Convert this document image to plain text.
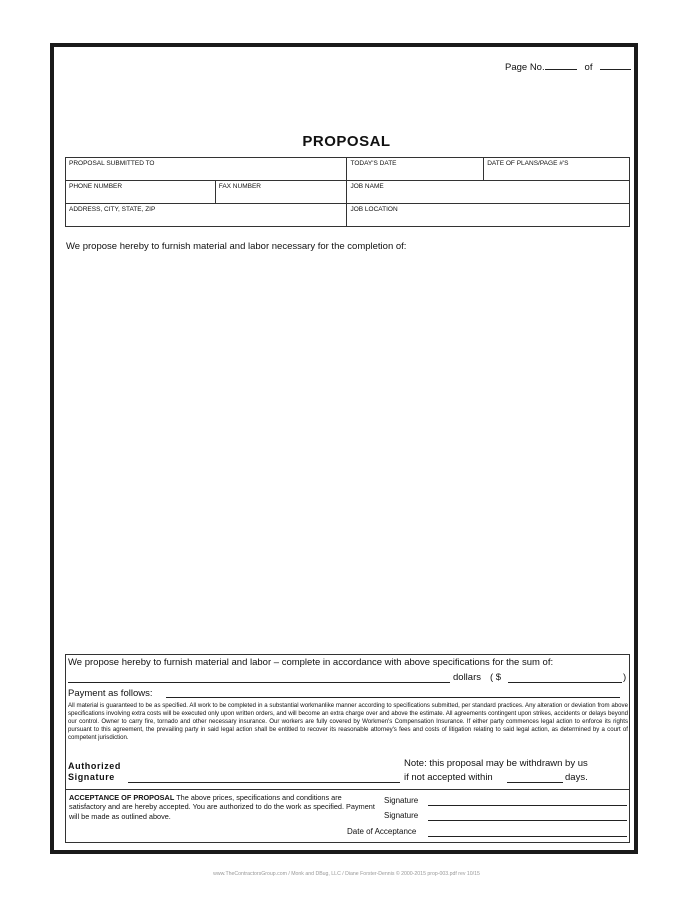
Page No.	of
PROPOSAL
PROPOSAL SUBMITTED TO		TODAY'S DATE	DATE OF PLANS/PAGE #'S
PHONE NUMBER	FAX NUMBER	JOB NAME	
ADDRESS, CITY, STATE, ZIP		JOB LOCATION	
We propose hereby to furnish material and labor necessary for the completion of:
We propose hereby to furnish material and labor – complete in accordance with above specifications for the sum of:
dollars ( $	)
Payment as follows:
All material is guaranteed to be as specified. All work to be completed in a substantial workmanlike manner according to specifications submitted, per standard practices. Any alteration or deviation from above specifications involving extra costs will be executed only upon written orders, and will become an extra charge over and above the estimate. All agreements contingent upon strikes, accidents or delays beyond our control. Owner to carry fire, tornado and other necessary insurance. Our workers are fully covered by Workmen's Compensation Insurance. If either party commences legal action to enforce its rights pursuant to this agreement, the prevailing party in said legal action shall be entitled to recover its reasonable attorney's fees and costs of litigation relating to said legal action, as determined by a court of competent jurisdiction.
Authorized
Signature
Note: this proposal may be withdrawn by us
if not accepted within	days.
ACCEPTANCE OF PROPOSAL The above prices, specifications and conditions are satisfactory and are hereby accepted. You are authorized to do the work as specified. Payment will be made as outlined above.
Signature
Signature
Date of Acceptance
www.TheContractorsGroup.com / Monk and DBug, LLC / Diane Forster-Dennis © 2000-2015 prop-003.pdf rev 10/15
